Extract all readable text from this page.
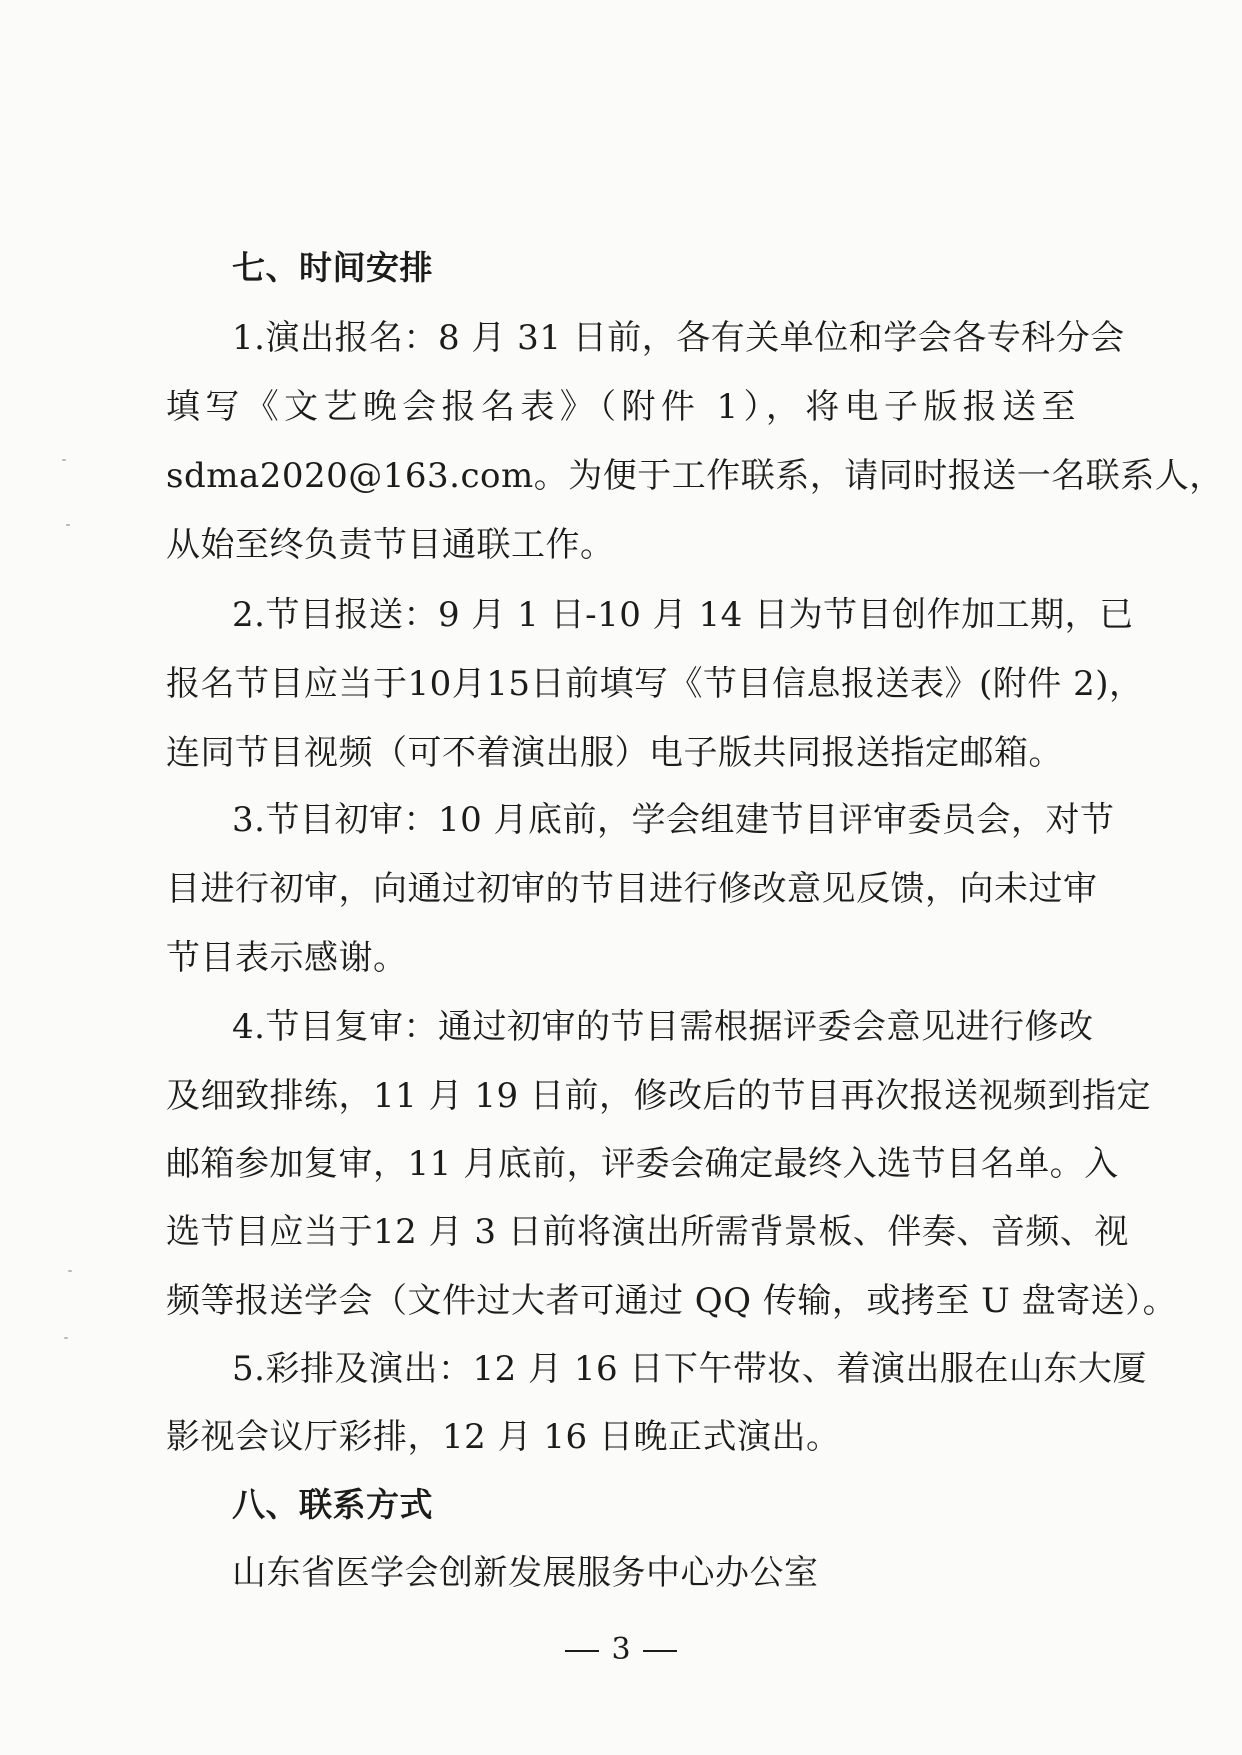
七、时间安排
1.演出报名：8 月 31 日前，各有关单位和学会各专科分会
填写《文艺晚会报名表》（附件 1），将电子版报送至
sdma2020@163.com。为便于工作联系，请同时报送一名联系人，
从始至终负责节目通联工作。
2.节目报送：9 月 1 日-10 月 14 日为节目创作加工期，已
报名节目应当于10月15日前填写《节目信息报送表》(附件 2)，
连同节目视频（可不着演出服）电子版共同报送指定邮箱。
3.节目初审：10 月底前，学会组建节目评审委员会，对节
目进行初审，向通过初审的节目进行修改意见反馈，向未过审
节目表示感谢。
4.节目复审：通过初审的节目需根据评委会意见进行修改
及细致排练，11 月 19 日前，修改后的节目再次报送视频到指定
邮箱参加复审，11 月底前，评委会确定最终入选节目名单。入
选节目应当于12 月 3 日前将演出所需背景板、伴奏、音频、视
频等报送学会（文件过大者可通过 QQ 传输，或拷至 U 盘寄送）。
5.彩排及演出：12 月 16 日下午带妆、着演出服在山东大厦
影视会议厅彩排，12 月 16 日晚正式演出。
八、联系方式
山东省医学会创新发展服务中心办公室
3
